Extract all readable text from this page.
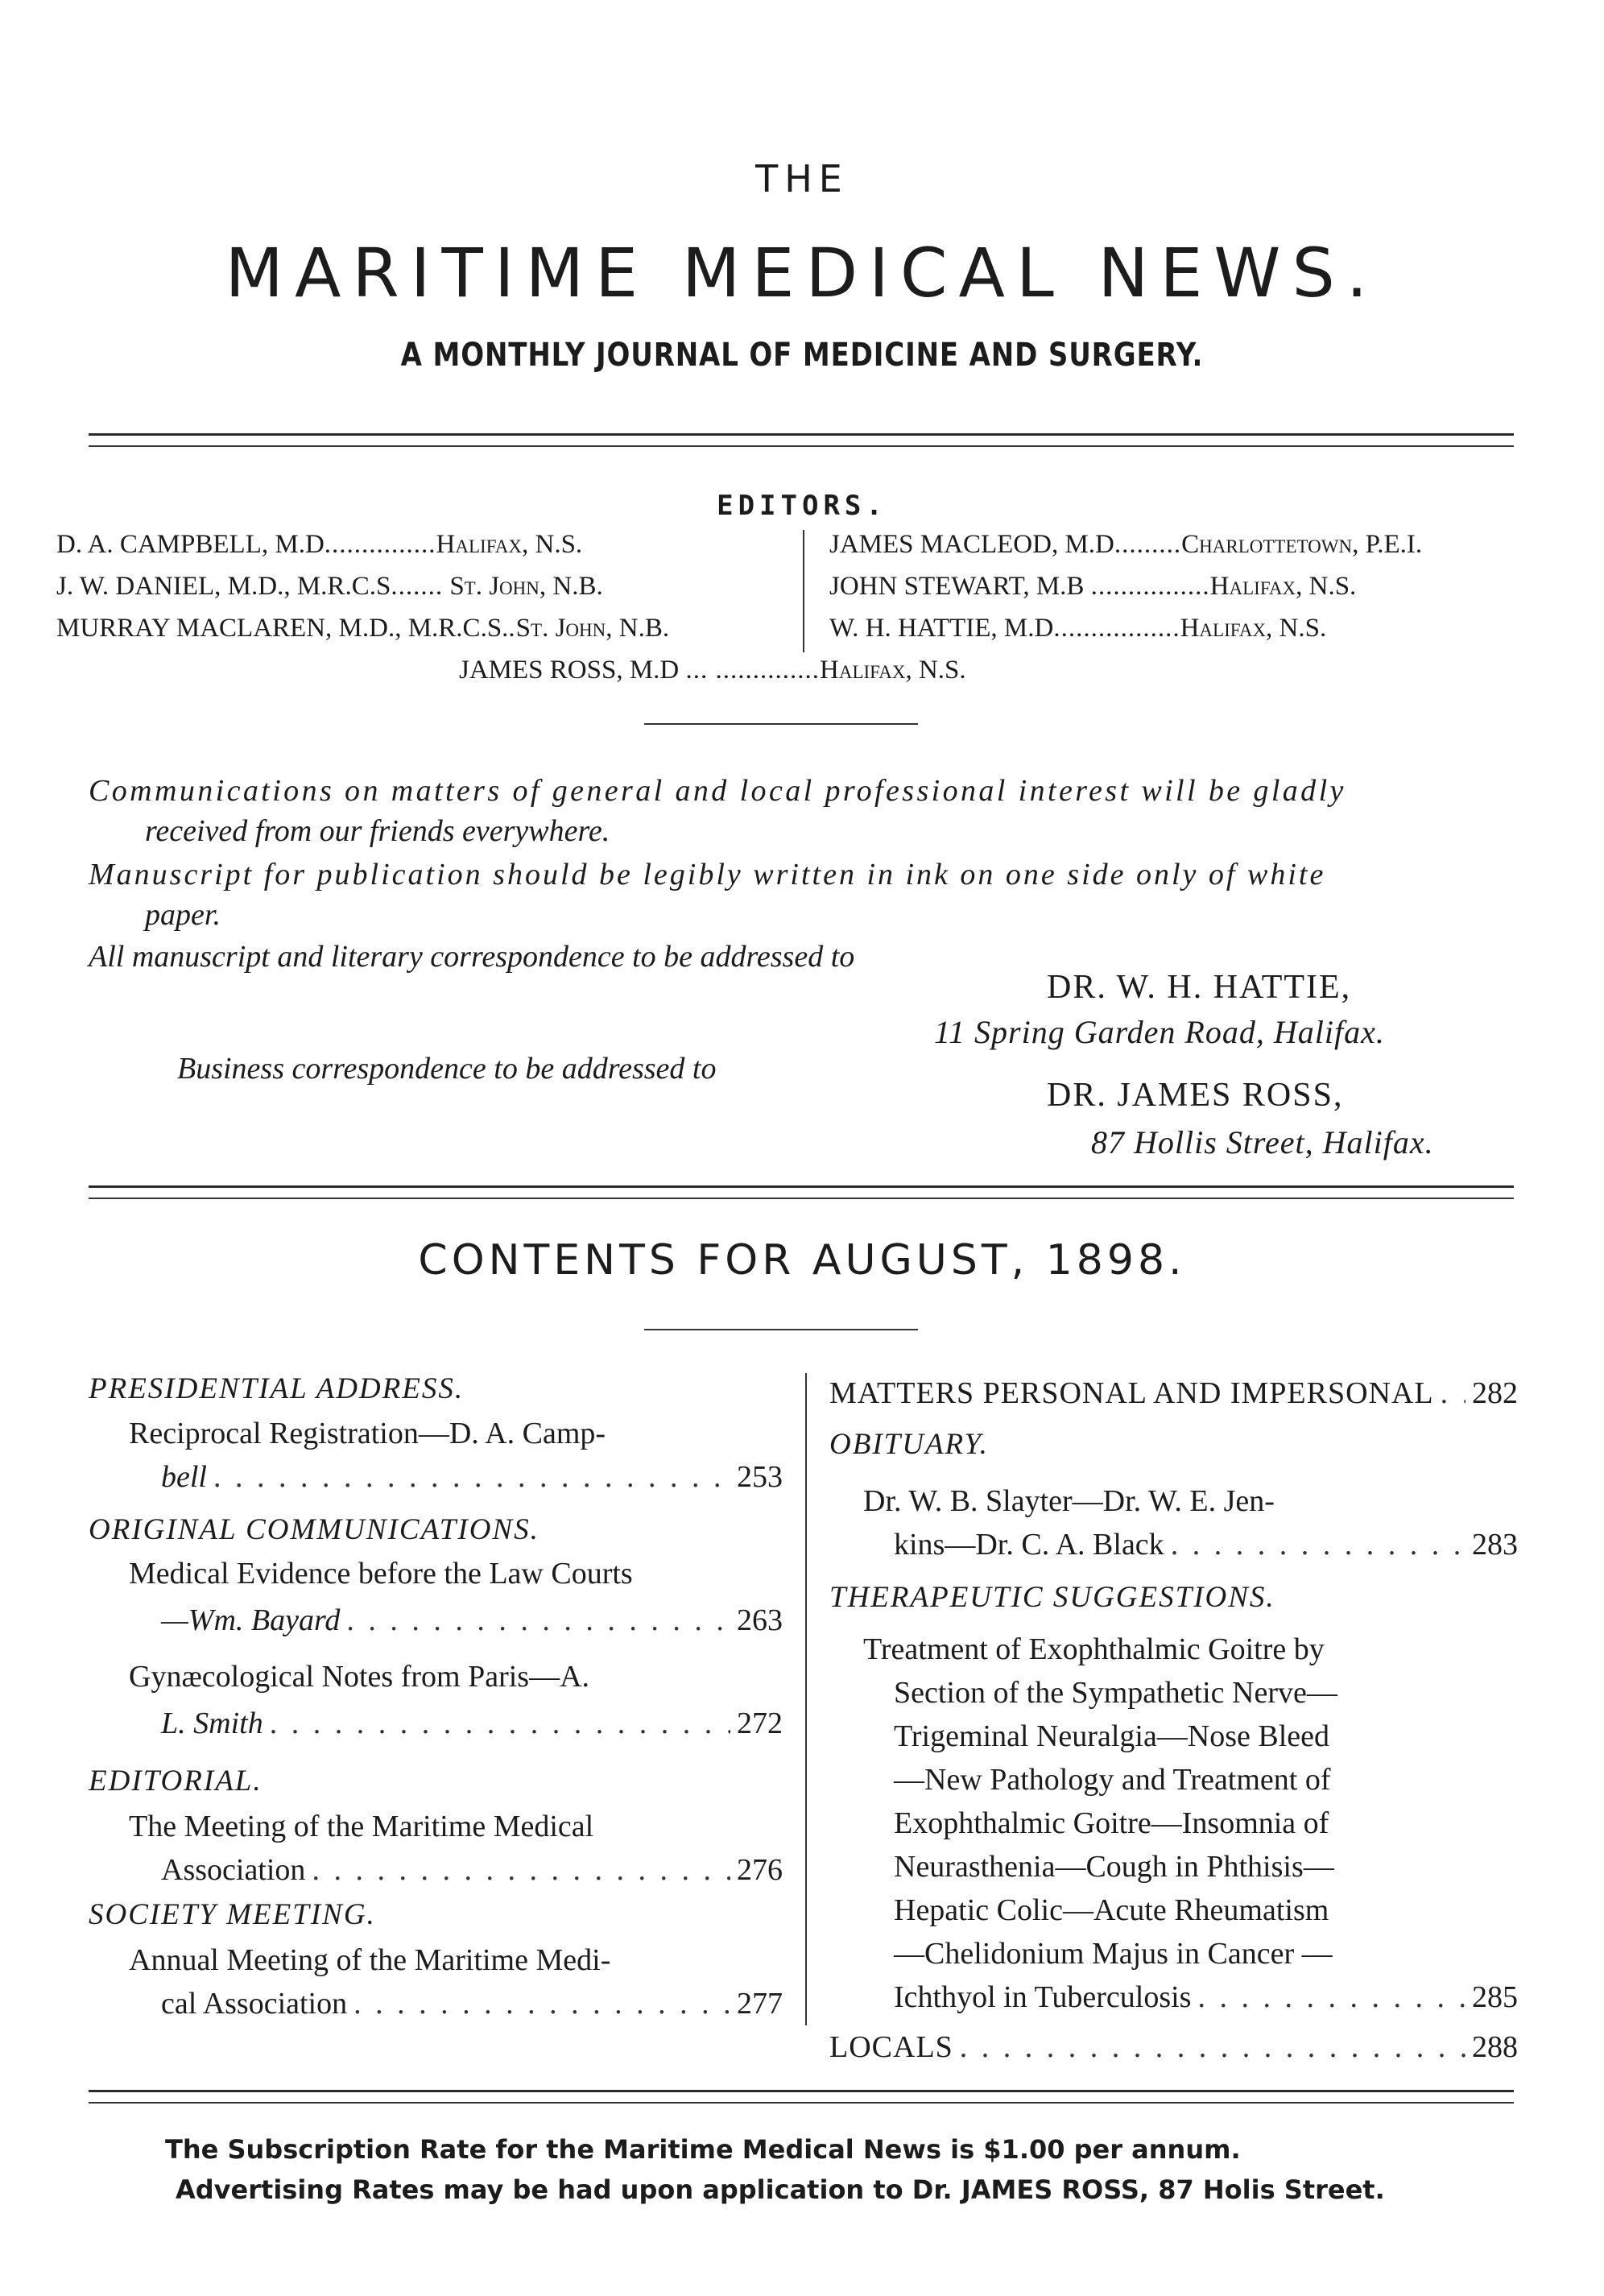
THE
MARITIME MEDICAL NEWS.
A MONTHLY JOURNAL OF MEDICINE AND SURGERY.
EDITORS.
D. A. CAMPBELL, M.D...............Halifax, N.S.
J. W. DANIEL, M.D., M.R.C.S....... St. John, N.B.
MURRAY MACLAREN, M.D., M.R.C.S..St. John, N.B.
JAMES MACLEOD, M.D.........Charlottetown, P.E.I.
JOHN STEWART, M.B ................Halifax, N.S.
W. H. HATTIE, M.D.................Halifax, N.S.
JAMES ROSS, M.D ... ..............Halifax, N.S.
Communications on matters of general and local professional interest will be gladly
received from our friends everywhere.
Manuscript for publication should be legibly written in ink on one side only of white
paper.
All manuscript and literary correspondence to be addressed to
DR. W. H. HATTIE,
11 Spring Garden Road, Halifax.
Business correspondence to be addressed to
DR. JAMES ROSS,
87 Hollis Street, Halifax.
CONTENTS FOR AUGUST, 1898.
PRESIDENTIAL ADDRESS.
Reciprocal Registration—D. A. Camp-
bell . . .	253
ORIGINAL COMMUNICATIONS.
Medical Evidence before the Law Courts
—Wm. Bayard . . .	263
Gynæcological Notes from Paris—A.
L. Smith . . .	272
EDITORIAL.
The Meeting of the Maritime Medical
Association . . .	276
SOCIETY MEETING.
Annual Meeting of the Maritime Medi-
cal Association . . .	277
MATTERS PERSONAL AND IMPERSONAL . . . 282
OBITUARY.
Dr. W. B. Slayter—Dr. W. E. Jen-
kins—Dr. C. A. Black . . .	283
THERAPEUTIC SUGGESTIONS.
Treatment of Exophthalmic Goitre by
Section of the Sympathetic Nerve—
Trigeminal Neuralgia—Nose Bleed
—New Pathology and Treatment of
Exophthalmic Goitre—Insomnia of
Neurasthenia—Cough in Phthisis—
Hepatic Colic—Acute Rheumatism
—Chelidonium Majus in Cancer —
Ichthyol in Tuberculosis . . .	285
LOCALS . . .	288
The Subscription Rate for the Maritime Medical News is $1.00 per annum.
Advertising Rates may be had upon application to Dr. JAMES ROSS, 87 Holis Street.
